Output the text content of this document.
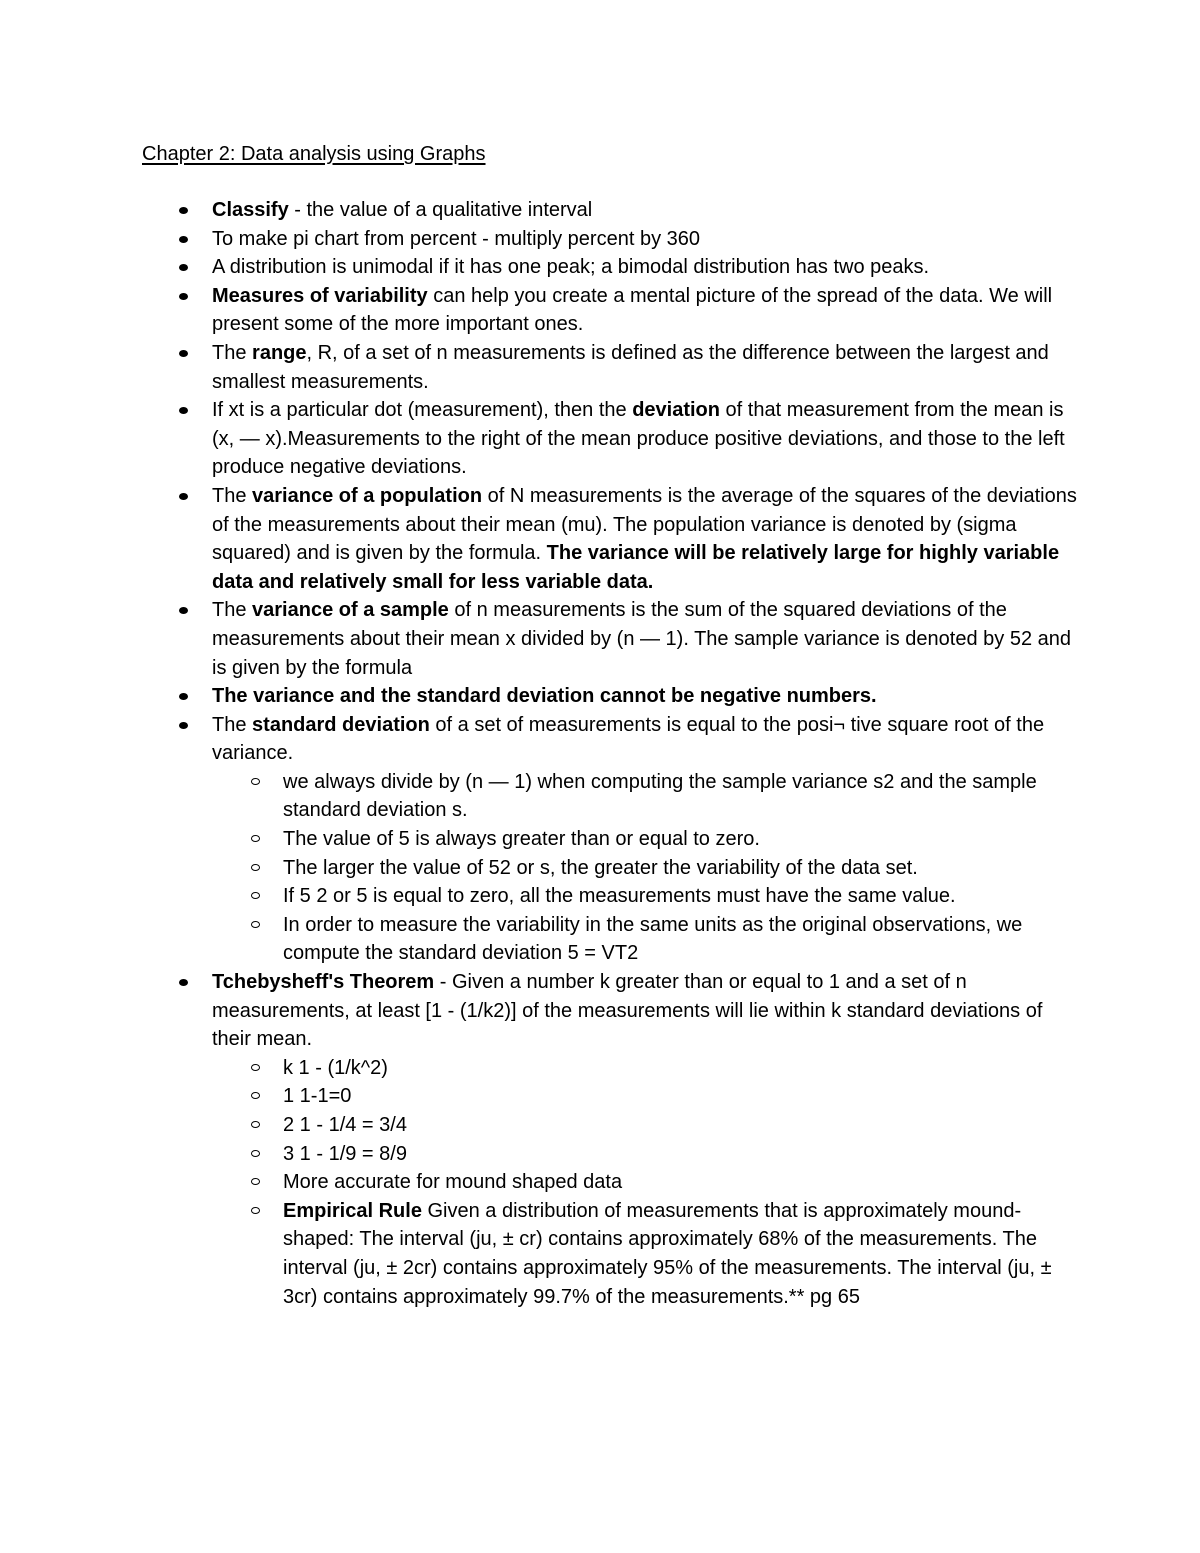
Chapter 2: Data analysis using Graphs
Classify - the value of a qualitative interval
To make pi chart from percent - multiply percent by 360
A distribution is unimodal if it has one peak; a bimodal distribution has two peaks.
Measures of variability can help you create a mental picture of the spread of the data. We will present some of the more important ones.
The range, R, of a set of n measurements is defined as the difference between the largest and smallest measurements.
If xt is a particular dot (measurement), then the deviation of that measurement from the mean is (x, — x).Measurements to the right of the mean produce positive deviations, and those to the left produce negative deviations.
The variance of a population of N measurements is the average of the squares of the deviations of the measurements about their mean (mu). The population variance is denoted by (sigma squared) and is given by the formula. The variance will be relatively large for highly variable data and relatively small for less variable data.
The variance of a sample of n measurements is the sum of the squared deviations of the measurements about their mean x divided by (n — 1). The sample variance is denoted by 52 and is given by the formula
The variance and the standard deviation cannot be negative numbers.
The standard deviation of a set of measurements is equal to the posi¬ tive square root of the variance.
we always divide by (n — 1) when computing the sample variance s2 and the sample standard deviation s.
The value of 5 is always greater than or equal to zero.
The larger the value of 52 or s, the greater the variability of the data set.
If 5 2 or 5 is equal to zero, all the measurements must have the same value.
In order to measure the variability in the same units as the original observations, we compute the standard deviation 5 = VT2
Tchebysheff's Theorem - Given a number k greater than or equal to 1 and a set of n measurements, at least [1 - (1/k2)] of the measurements will lie within k standard deviations of their mean.
k 1 - (1/k^2)
1 1-1=0
2 1 - 1/4 = 3/4
3 1 - 1/9 = 8/9
More accurate for mound shaped data
Empirical Rule Given a distribution of measurements that is approximately mound-shaped: The interval (ju, ± cr) contains approximately 68% of the measurements. The interval (ju, ± 2cr) contains approximately 95% of the measurements. The interval (ju, ± 3cr) contains approximately 99.7% of the measurements.** pg 65
